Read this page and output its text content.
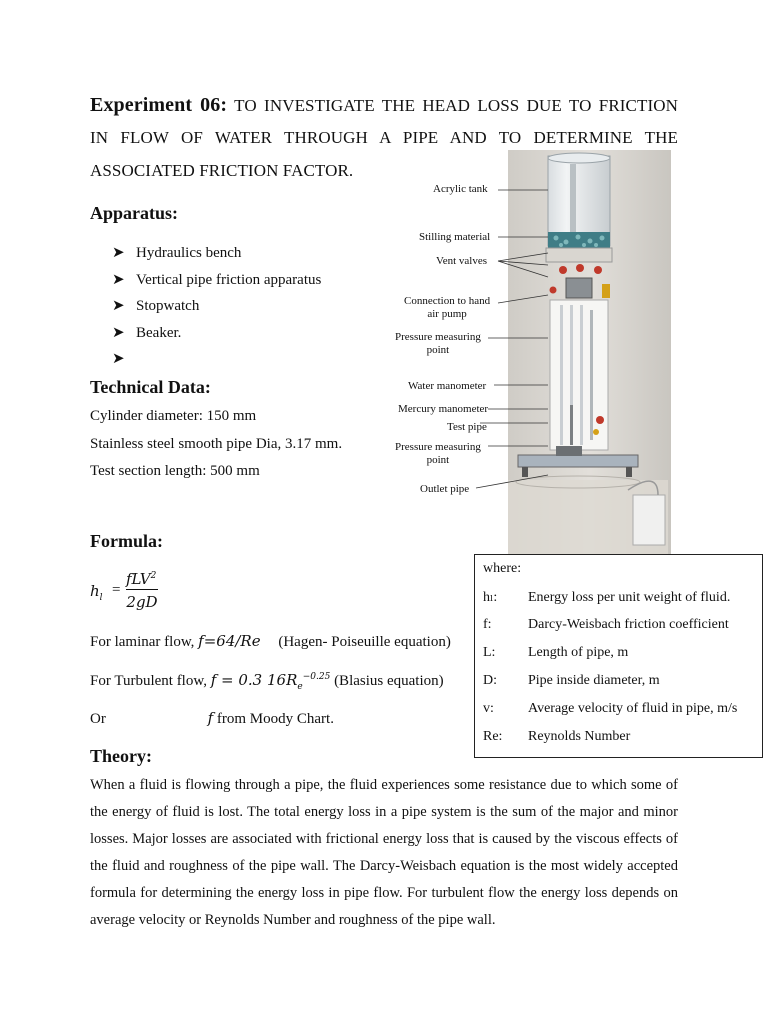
Experiment 06: TO INVESTIGATE THE HEAD LOSS DUE TO FRICTION
IN FLOW OF WATER THROUGH A PIPE AND TO DETERMINE THE
ASSOCIATED FRICTION FACTOR.
Apparatus:
➤ Hydraulics bench
➤ Vertical pipe friction apparatus
➤ Stopwatch
➤ Beaker.
➤
Technical Data:
Cylinder diameter: 150 mm
Stainless steel smooth pipe Dia, 3.17 mm.
Test section length: 500 mm
Acrylic tank
Stilling material
Vent valves
Connection to hand
air pump
Pressure measuring
point
Water manometer
Mercury manometer
Test pipe
Pressure measuring
point
Outlet pipe
Formula:
$h_l$ =
fLV$^2$
2gD
For laminar flow, f=64/Re (Hagen- Poiseuille equation)
For Turbulent flow, f = 0.3 $16R_e^{-0.25}$ (Blasius equation)
Or	f from Moody Chart.
where:
hₗ: Energy loss per unit weight of fluid.
f:	Darcy-Weisbach friction coefficient
L: Length of pipe, m
D: Pipe inside diameter, m
v: Average velocity of fluid in pipe, m/s
Re: Reynolds Number
Theory:

When a fluid is flowing through a pipe, the fluid experiences some resistance due to which some of the energy of fluid is lost. The total energy loss in a pipe system is the sum of the major and minor losses. Major losses are associated with frictional energy loss that is caused by the viscous effects of the fluid and roughness of the pipe wall. The Darcy-Weisbach equation is the most widely accepted formula for determining the energy loss in pipe flow. For turbulent flow the energy loss depends on average velocity or Reynolds Number and roughness of the pipe wall.
